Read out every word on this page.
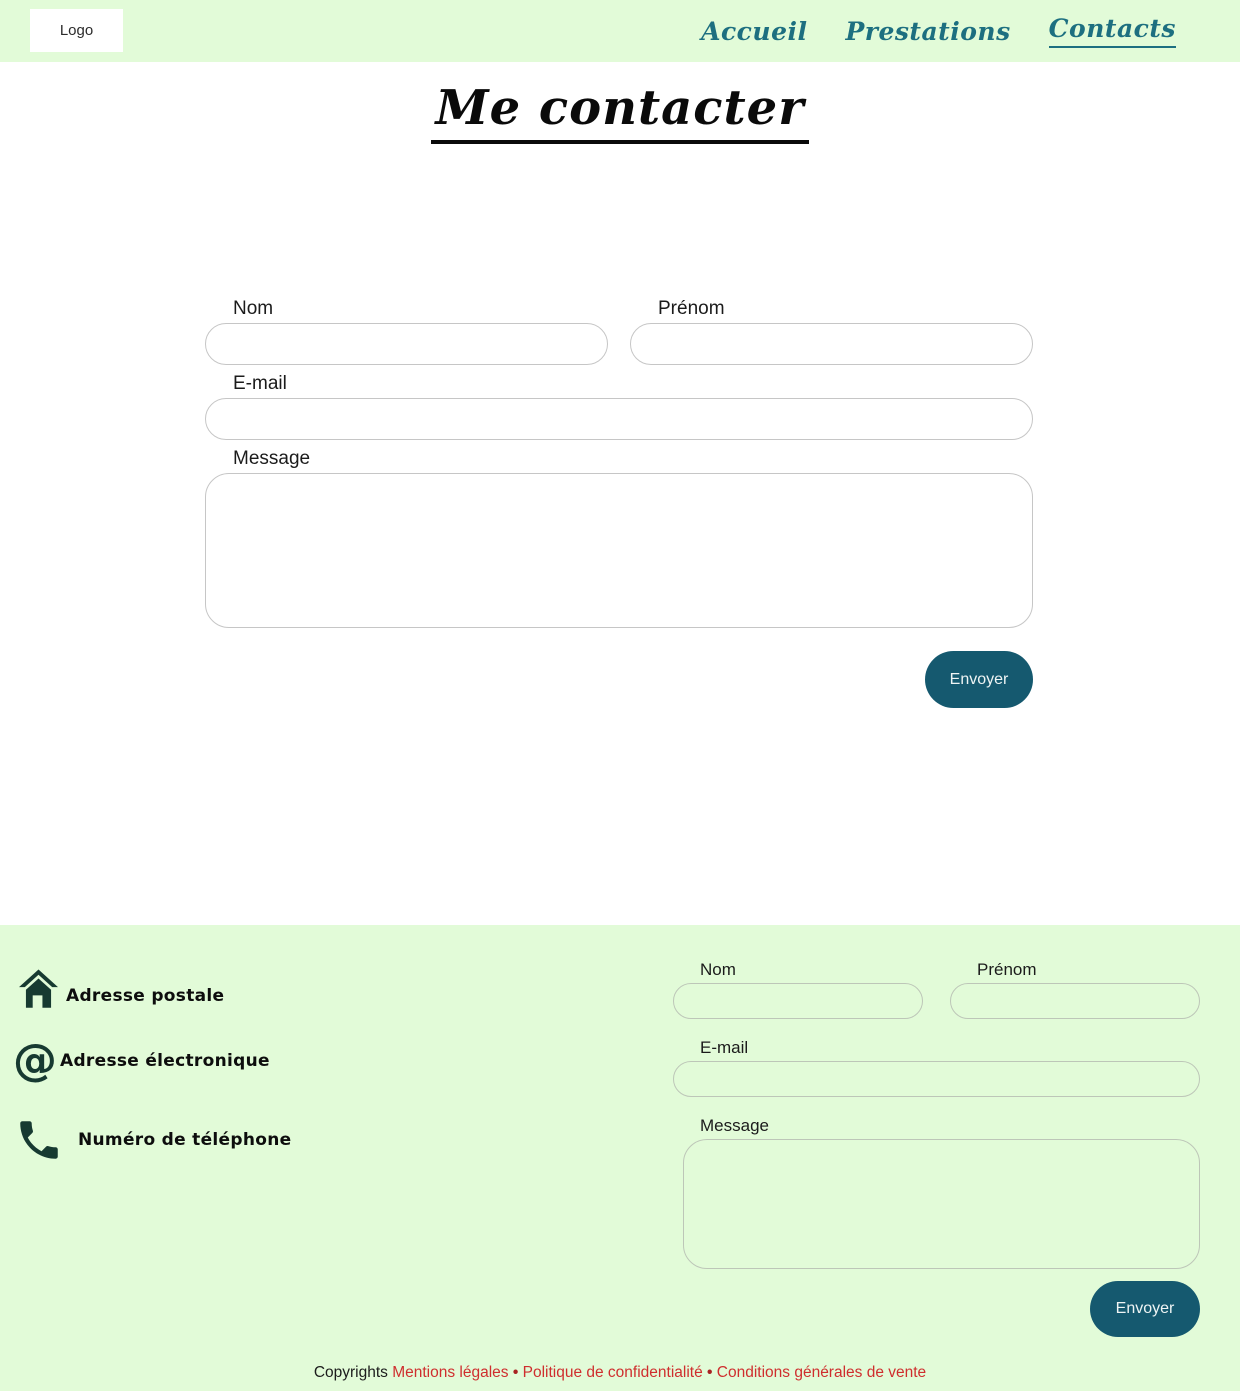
Logo	Accueil Prestations Contacts
Me contacter
Nom	Prénom
E-mail
Message
Envoyer
Adresse postale
@ Adresse électronique
Numéro de téléphone
Nom	Prénom
E-mail
Message
Envoyer
Copyrights Mentions légales • Politique de confidentialité • Conditions générales de vente
